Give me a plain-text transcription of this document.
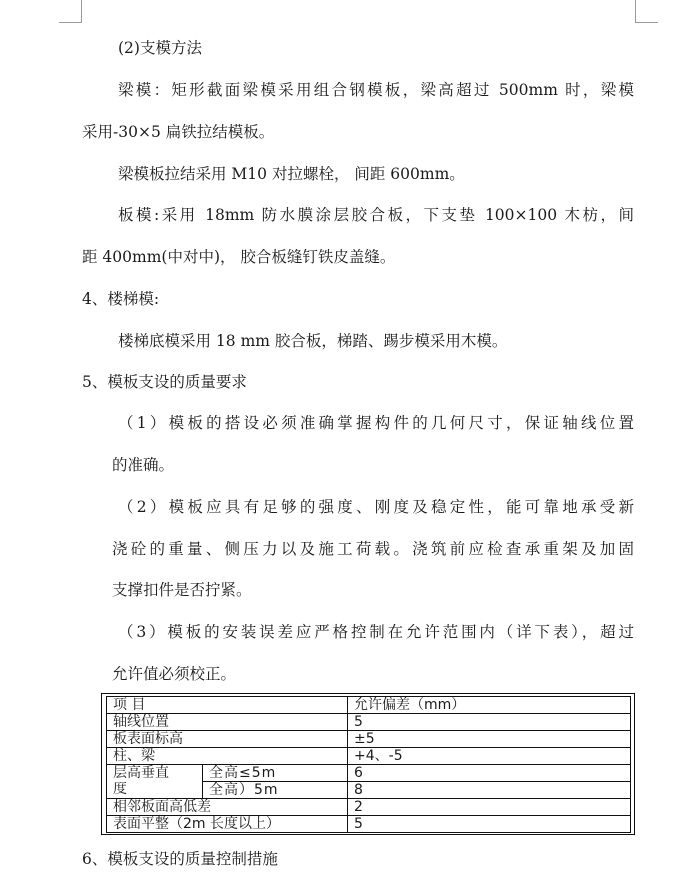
(2)支模方法
梁模：矩形截面梁模采用组合钢模板，梁高超过 500mm 时，梁模
采用-30×5 扁铁拉结模板。
梁模板拉结采用 M10 对拉螺栓， 间距 600mm。
板模:采用 18mm 防水膜涂层胶合板，下支垫 100×100 木枋，间
距 400mm(中对中)， 胶合板缝钉铁皮盖缝。
4、楼梯模:
楼梯底模采用 18 mm 胶合板，梯踏、踢步模采用木模。
5、模板支设的质量要求
（1）模板的搭设必须准确掌握构件的几何尺寸，保证轴线位置
的准确。
（2）模板应具有足够的强度、刚度及稳定性，能可靠地承受新
浇砼的重量、侧压力以及施工荷载。浇筑前应检查承重架及加固
支撑扣件是否拧紧。
（3）模板的安装误差应严格控制在允许范围内（详下表），超过
允许值必须校正。
项 目		允许偏差（mm）
轴线位置		5
板表面标高		±5
柱、梁		+4、-5
层高垂直	全高≤5m	6
度	全高）5m	8
相邻板面高低差		2
表面平整（2m 长度以上）		5
6、模板支设的质量控制措施
